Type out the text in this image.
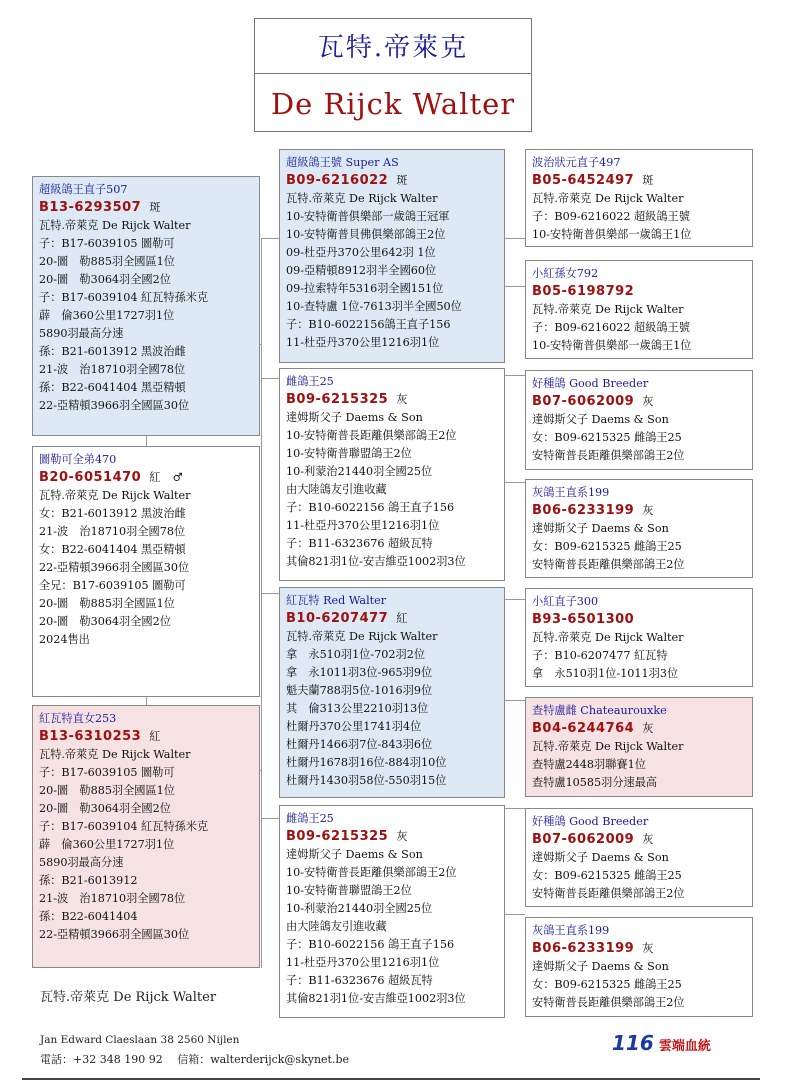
瓦特.帝萊克
De Rijck Walter
超級鴿王直子507
B13-6293507 斑
瓦特.帝萊克 De Rijck Walter
子：B17-6039105 圖勒可
20-圖　勒885羽全國區1位
20-圖　勒3064羽全國2位
子：B17-6039104 紅瓦特孫米克
薜　倫360公里1727羽1位
5890羽最高分速
孫：B21-6013912 黑波治雌
21-波　治18710羽全國78位
孫：B22-6041404 黑亞精頓
22-亞精頓3966羽全國區30位
圖勒可全弟470
B20-6051470 紅　♂
瓦特.帝萊克 De Rijck Walter
女：B21-6013912 黑波治雌
21-波　治18710羽全國78位
女：B22-6041404 黑亞精頓
22-亞精頓3966羽全國區30位
全兄：B17-6039105 圖勒可
20-圖　勒885羽全國區1位
20-圖　勒3064羽全國2位
2024售出
紅瓦特直女253
B13-6310253 紅
瓦特.帝萊克 De Rijck Walter
子：B17-6039105 圖勒可
20-圖　勒885羽全國區1位
20-圖　勒3064羽全國2位
子：B17-6039104 紅瓦特孫米克
薜　倫360公里1727羽1位
5890羽最高分速
孫：B21-6013912
21-波　治18710羽全國78位
孫：B22-6041404
22-亞精頓3966羽全國區30位
超級鴿王號 Super AS
B09-6216022 斑
瓦特.帝萊克 De Rijck Walter
10-安特衛普俱樂部一歲鴿王冠軍
10-安特衛普貝佛俱樂部鴿王2位
09-杜亞丹370公里642羽 1位
09-亞精頓8912羽半全國60位
09-拉索特年5316羽全國151位
10-查特盧 1位-7613羽半全國50位
子：B10-6022156鴿王直子156
11-杜亞丹370公里1216羽1位
雌鴿王25
B09-6215325 灰
達姆斯父子 Daems & Son
10-安特衛普長距離俱樂部鴿王2位
10-安特衛普聯盟鴿王2位
10-利蒙治21440羽全國25位
由大陸鴿友引進收藏
子：B10-6022156 鴿王直子156
11-杜亞丹370公里1216羽1位
子：B11-6323676 超級瓦特
其倫821羽1位-安吉維亞1002羽3位
紅瓦特 Red Walter
B10-6207477 紅
瓦特.帝萊克 De Rijck Walter
拿　永510羽1位-702羽2位
拿　永1011羽3位-965羽9位
魁夫蘭788羽5位-1016羽9位
其　倫313公里2210羽13位
杜爾丹370公里1741羽4位
杜爾丹1466羽7位-843羽6位
杜爾丹1678羽16位-884羽10位
杜爾丹1430羽58位-550羽15位
雌鴿王25
B09-6215325 灰
達姆斯父子 Daems & Son
10-安特衛普長距離俱樂部鴿王2位
10-安特衛普聯盟鴿王2位
10-利蒙治21440羽全國25位
由大陸鴿友引進收藏
子：B10-6022156 鴿王直子156
11-杜亞丹370公里1216羽1位
子：B11-6323676 超級瓦特
其倫821羽1位-安吉維亞1002羽3位
波治狀元直子497
B05-6452497 斑
瓦特.帝萊克 De Rijck Walter
子：B09-6216022 超級鴿王號
10-安特衛普俱樂部一歲鴿王1位
小紅孫女792
B05-6198792
瓦特.帝萊克 De Rijck Walter
子：B09-6216022 超級鴿王號
10-安特衛普俱樂部一歲鴿王1位
好種鴿 Good Breeder
B07-6062009 灰
達姆斯父子 Daems & Son
女：B09-6215325 雌鴿王25
安特衛普長距離俱樂部鴿王2位
灰鴿王直系199
B06-6233199 灰
達姆斯父子 Daems & Son
女：B09-6215325 雌鴿王25
安特衛普長距離俱樂部鴿王2位
小紅直子300
B93-6501300
瓦特.帝萊克 De Rijck Walter
子：B10-6207477 紅瓦特
拿　永510羽1位-1011羽3位
查特盧雌 Chateaurouxke
B04-6244764 灰
瓦特.帝萊克 De Rijck Walter
查特盧2448羽聯賽1位
查特盧10585羽分速最高
好種鴿 Good Breeder
B07-6062009 灰
達姆斯父子 Daems & Son
女：B09-6215325 雌鴿王25
安特衛普長距離俱樂部鴿王2位
灰鴿王直系199
B06-6233199 灰
達姆斯父子 Daems & Son
女：B09-6215325 雌鴿王25
安特衛普長距離俱樂部鴿王2位
瓦特.帝萊克 De Rijck Walter
Jan Edward Claeslaan 38 2560 Nijlen
電話：+32 348 190 92　 信箱：walterderijck@skynet.be
116 雲端血統
